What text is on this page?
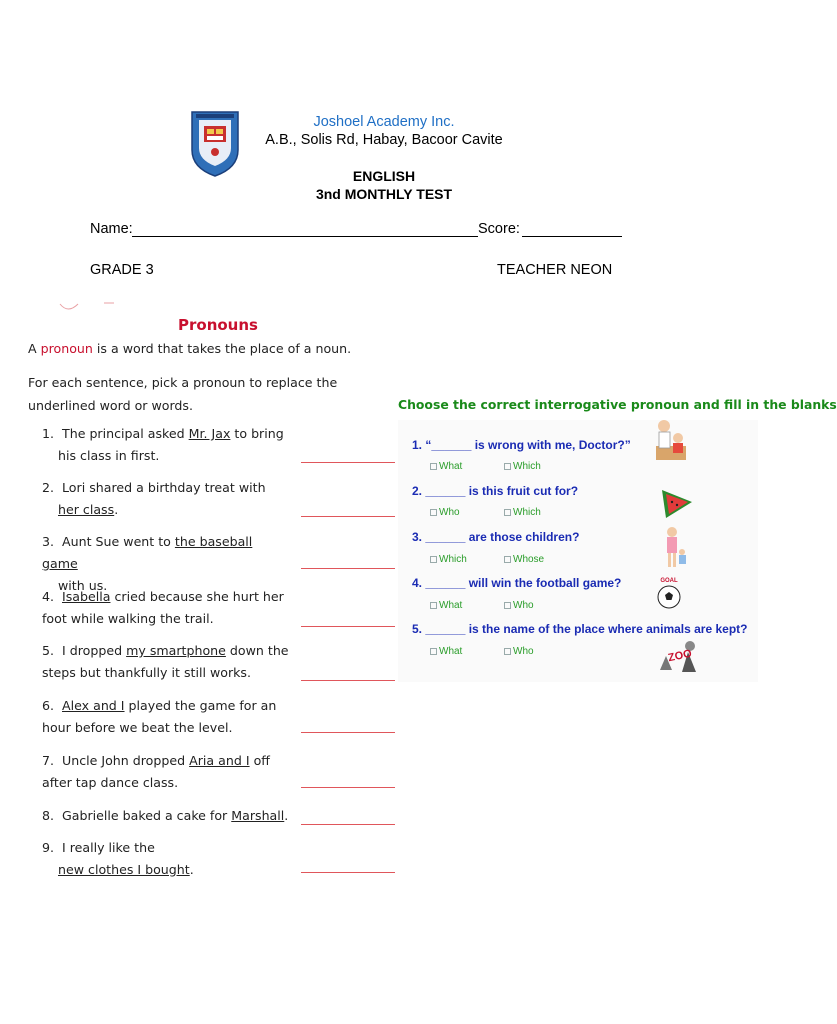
Joshoel Academy Inc.
A.B., Solis Rd, Habay, Bacoor Cavite
ENGLISH
3nd MONTHLY TEST
Name:	Score:
GRADE 3	TEACHER NEON
Pronouns
A pronoun is a word that takes the place of a noun.
For each sentence, pick a pronoun to replace the underlined word or words.
1. The principal asked Mr. Jax to bring
his class in first.
2. Lori shared a birthday treat with
her class.
3. Aunt Sue went to the baseball game
with us.
4. Isabella cried because she hurt her foot while walking the trail.
5. I dropped my smartphone down the steps but thankfully it still works.
6. Alex and I played the game for an hour before we beat the level.
7. Uncle John dropped Aria and I off after tap dance class.
8. Gabrielle baked a cake for Marshall.
9. I really like the
new clothes I bought.
Choose the correct interrogative pronoun and fill in the blanks
1. “______ is wrong with me, Doctor?”
What	Which
2. ______ is this fruit cut for?
Who	Which
3. ______ are those children?
Which	Whose
4. ______ will win the football game?
What	Who
5. ______ is the name of the place where animals are kept?
What	Who
GOAL
ZOO
